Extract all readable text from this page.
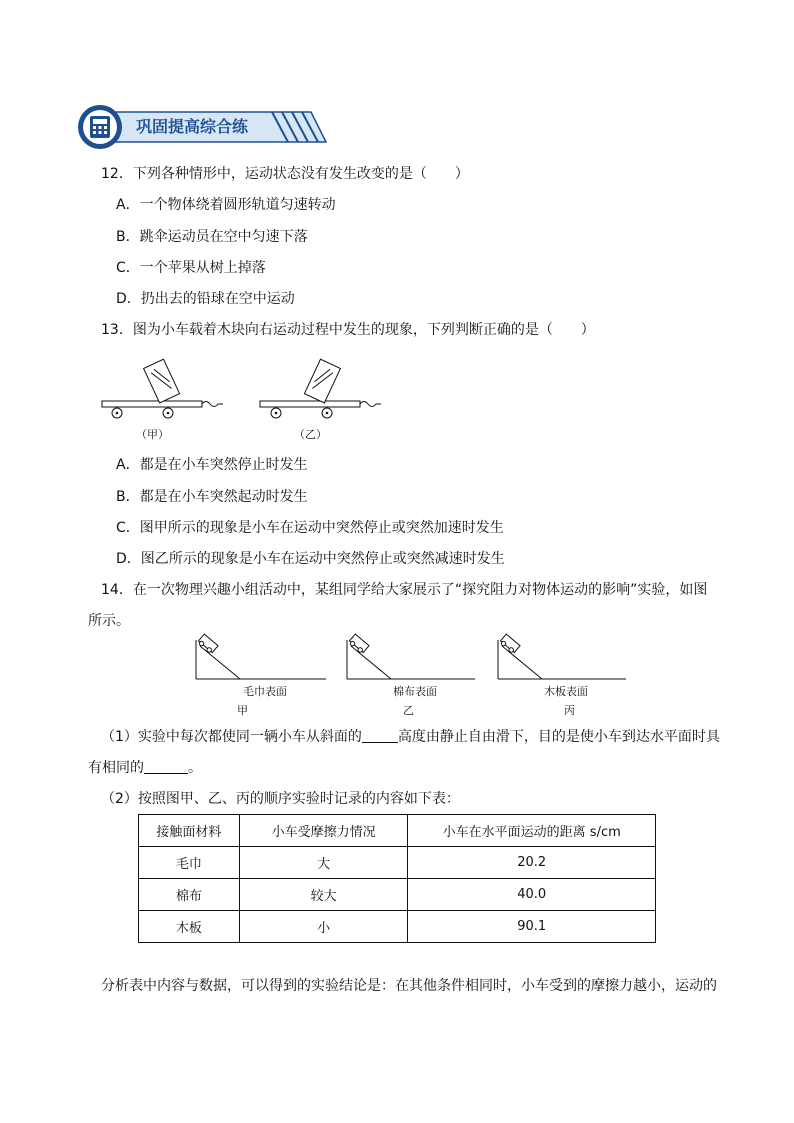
巩固提高综合练
12．下列各种情形中，运动状态没有发生改变的是（　　）
A．一个物体绕着圆形轨道匀速转动
B．跳伞运动员在空中匀速下落
C．一个苹果从树上掉落
D．扔出去的铅球在空中运动
13．图为小车载着木块向右运动过程中发生的现象，下列判断正确的是（　　）
（甲）	（乙）
A．都是在小车突然停止时发生
B．都是在小车突然起动时发生
C．图甲所示的现象是小车在运动中突然停止或突然加速时发生
D．图乙所示的现象是小车在运动中突然停止或突然减速时发生
14．在一次物理兴趣小组活动中，某组同学给大家展示了“探究阻力对物体运动的影响”实验，如图
所示。
毛巾表面	棉布表面	木板表面
甲	乙	丙
（1）实验中每次都使同一辆小车从斜面的	高度由静止自由滑下，目的是使小车到达水平面时具
有相同的	。
（2）按照图甲、乙、丙的顺序实验时记录的内容如下表：
接触面材料	小车受摩擦力情况	小车在水平面运动的距离 s/cm
毛巾	大	20.2
棉布	较大	40.0
木板	小	90.1
分析表中内容与数据，可以得到的实验结论是：在其他条件相同时，小车受到的摩擦力越小，运动的
